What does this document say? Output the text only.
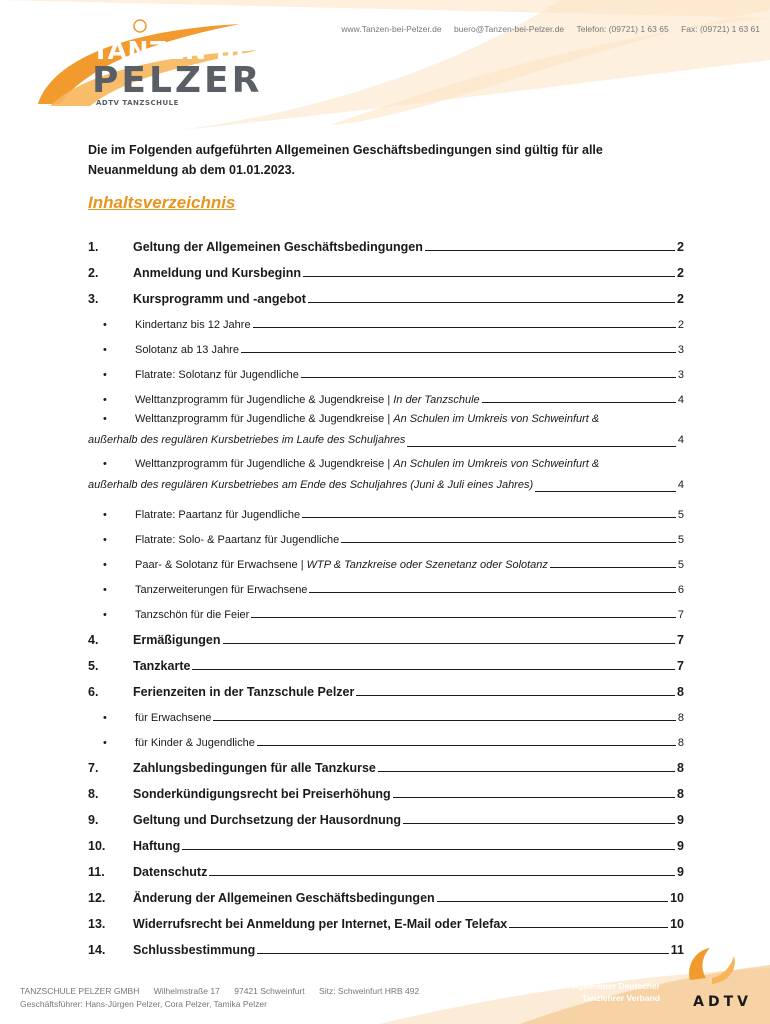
TANZEN BEI
PELZER
ADTV TANZSCHULE
www.Tanzen-bei-Pelzer.de buero@Tanzen-bei-Pelzer.de Telefon: (09721) 1 63 65 Fax: (09721) 1 63 61
Die im Folgenden aufgeführten Allgemeinen Geschäftsbedingungen sind gültig für alle Neuanmeldung ab dem 01.01.2023.
Inhaltsverzeichnis
1.	Geltung der Allgemeinen Geschäftsbedingungen	2
2.	Anmeldung und Kursbeginn	2
3.	Kursprogramm und -angebot	2
•	Kindertanz bis 12 Jahre	2
•	Solotanz ab 13 Jahre	3
•	Flatrate: Solotanz für Jugendliche	3
•	Welttanzprogramm für Jugendliche & Jugendkreise | In der Tanzschule	4
•	Welttanzprogramm für Jugendliche & Jugendkreise | An Schulen im Umkreis von Schweinfurt &
außerhalb des regulären Kursbetriebes im Laufe des Schuljahres	4
•	Welttanzprogramm für Jugendliche & Jugendkreise | An Schulen im Umkreis von Schweinfurt &
außerhalb des regulären Kursbetriebes am Ende des Schuljahres (Juni & Juli eines Jahres)	4
•	Flatrate: Paartanz für Jugendliche	5
•	Flatrate: Solo- & Paartanz für Jugendliche	5
•	Paar- & Solotanz für Erwachsene | WTP & Tanzkreise oder Szenetanz oder Solotanz	5
•	Tanzerweiterungen für Erwachsene	6
•	Tanzschön für die Feier	7
4.	Ermäßigungen	7
5.	Tanzkarte	7
6.	Ferienzeiten in der Tanzschule Pelzer	8
•	für Erwachsene	8
•	für Kinder & Jugendliche	8
7.	Zahlungsbedingungen für alle Tanzkurse	8
8.	Sonderkündigungsrecht bei Preiserhöhung	8
9.	Geltung und Durchsetzung der Hausordnung	9
10.	Haftung	9
11.	Datenschutz	9
12.	Änderung der Allgemeinen Geschäftsbedingungen	10
13.	Widerrufsrecht bei Anmeldung per Internet, E-Mail oder Telefax	10
14.	Schlussbestimmung	11
TANZSCHULE PELZER GMBH Wilhelmstraße 17 97421 Schweinfurt Sitz: Schweinfurt HRB 492
Geschäftsführer: Hans-Jürgen Pelzer, Cora Pelzer, Tamika Pelzer
Allgemeiner Deutscher
Tanzlehrer Verband ADTV
